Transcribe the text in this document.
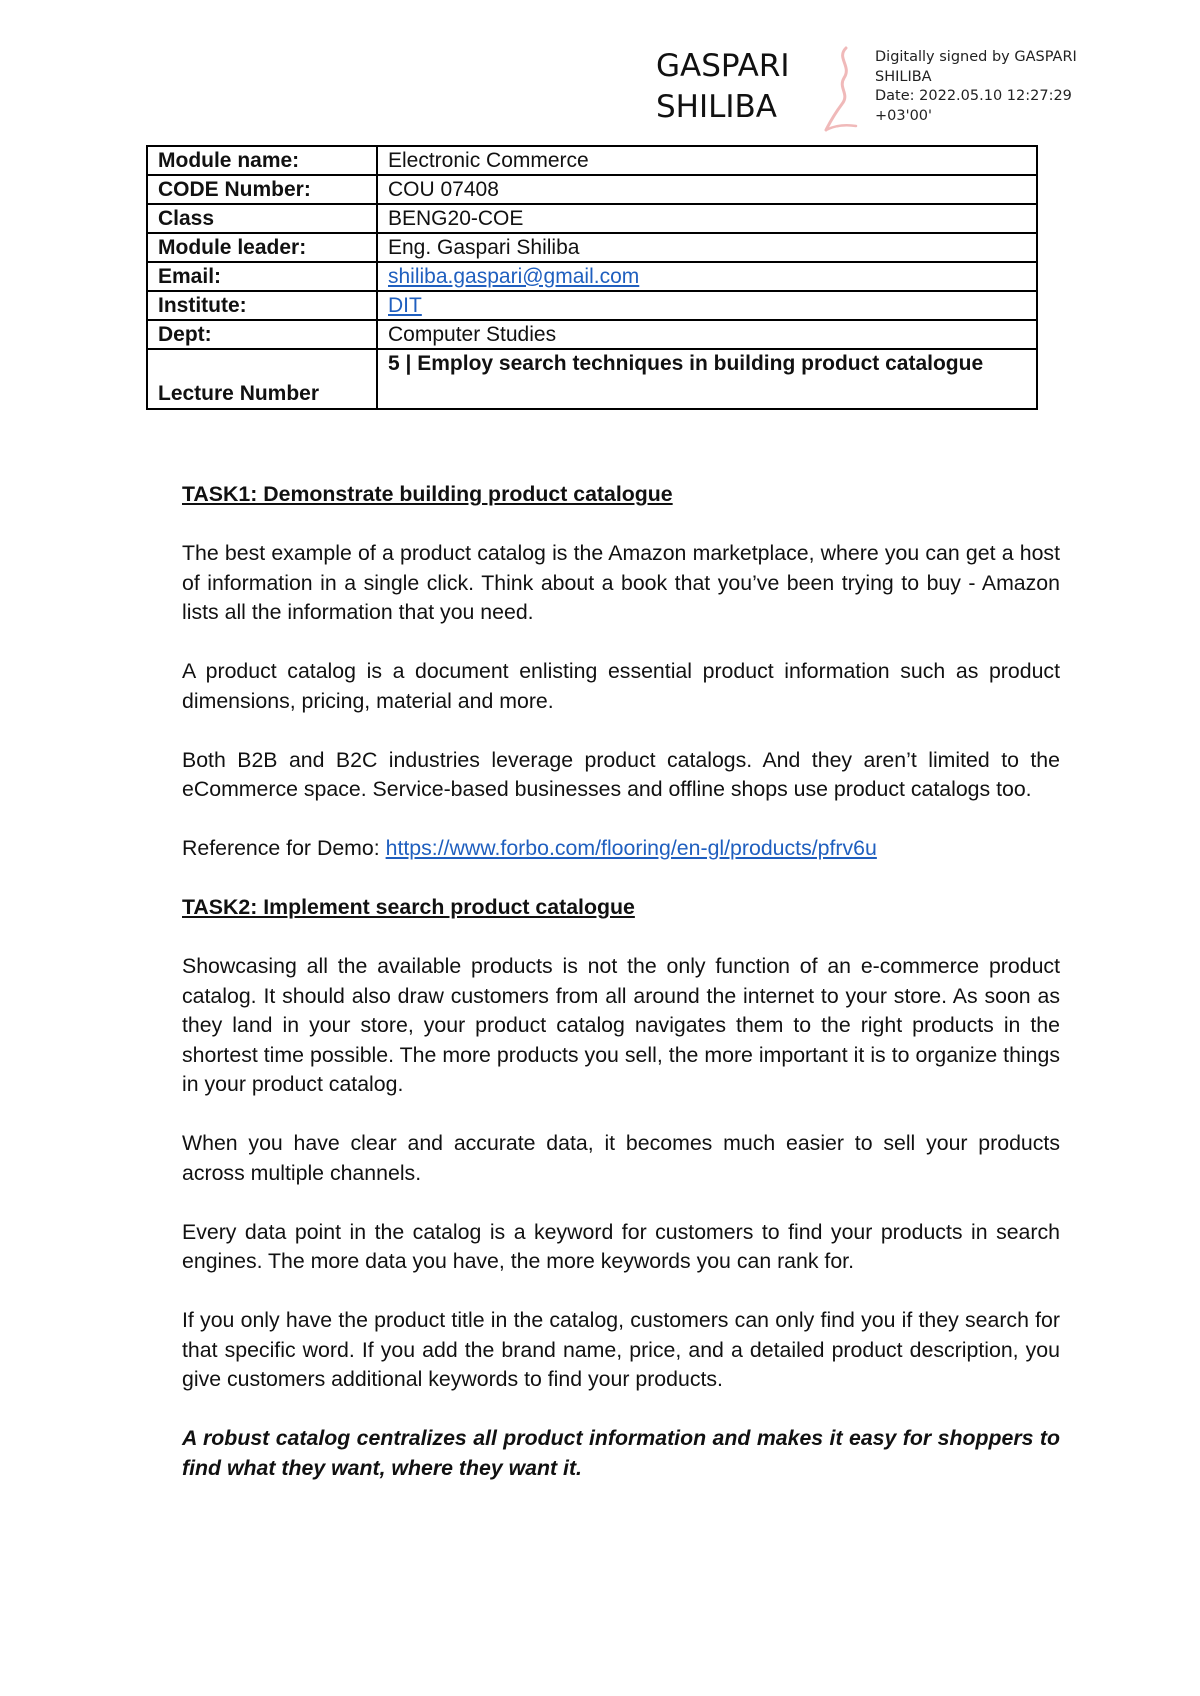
GASPARI
SHILIBA
Digitally signed by GASPARI
SHILIBA
Date: 2022.05.10 12:27:29
+03'00'
Module name:	Electronic Commerce
CODE Number:	COU 07408
Class	BENG20-COE
Module leader:	Eng. Gaspari Shiliba
Email:	shiliba.gaspari@gmail.com
Institute:	DIT
Dept:	Computer Studies
Lecture Number	5 | Employ search techniques in building product catalogue

TASK1: Demonstrate building product catalogue

The best example of a product catalog is the Amazon marketplace, where you can get a host of information in a single click. Think about a book that you’ve been trying to buy - Amazon lists all the information that you need.

A product catalog is a document enlisting essential product information such as product dimensions, pricing, material and more.

Both B2B and B2C industries leverage product catalogs. And they aren’t limited to the eCommerce space. Service-based businesses and offline shops use product catalogs too.

Reference for Demo: https://www.forbo.com/flooring/en-gl/products/pfrv6u

TASK2: Implement search product catalogue

Showcasing all the available products is not the only function of an e-commerce product catalog. It should also draw customers from all around the internet to your store. As soon as they land in your store, your product catalog navigates them to the right products in the shortest time possible. The more products you sell, the more important it is to organize things in your product catalog.

When you have clear and accurate data, it becomes much easier to sell your products across multiple channels.

Every data point in the catalog is a keyword for customers to find your products in search engines. The more data you have, the more keywords you can rank for.

If you only have the product title in the catalog, customers can only find you if they search for that specific word. If you add the brand name, price, and a detailed product description, you give customers additional keywords to find your products.

A robust catalog centralizes all product information and makes it easy for shoppers to find what they want, where they want it.
